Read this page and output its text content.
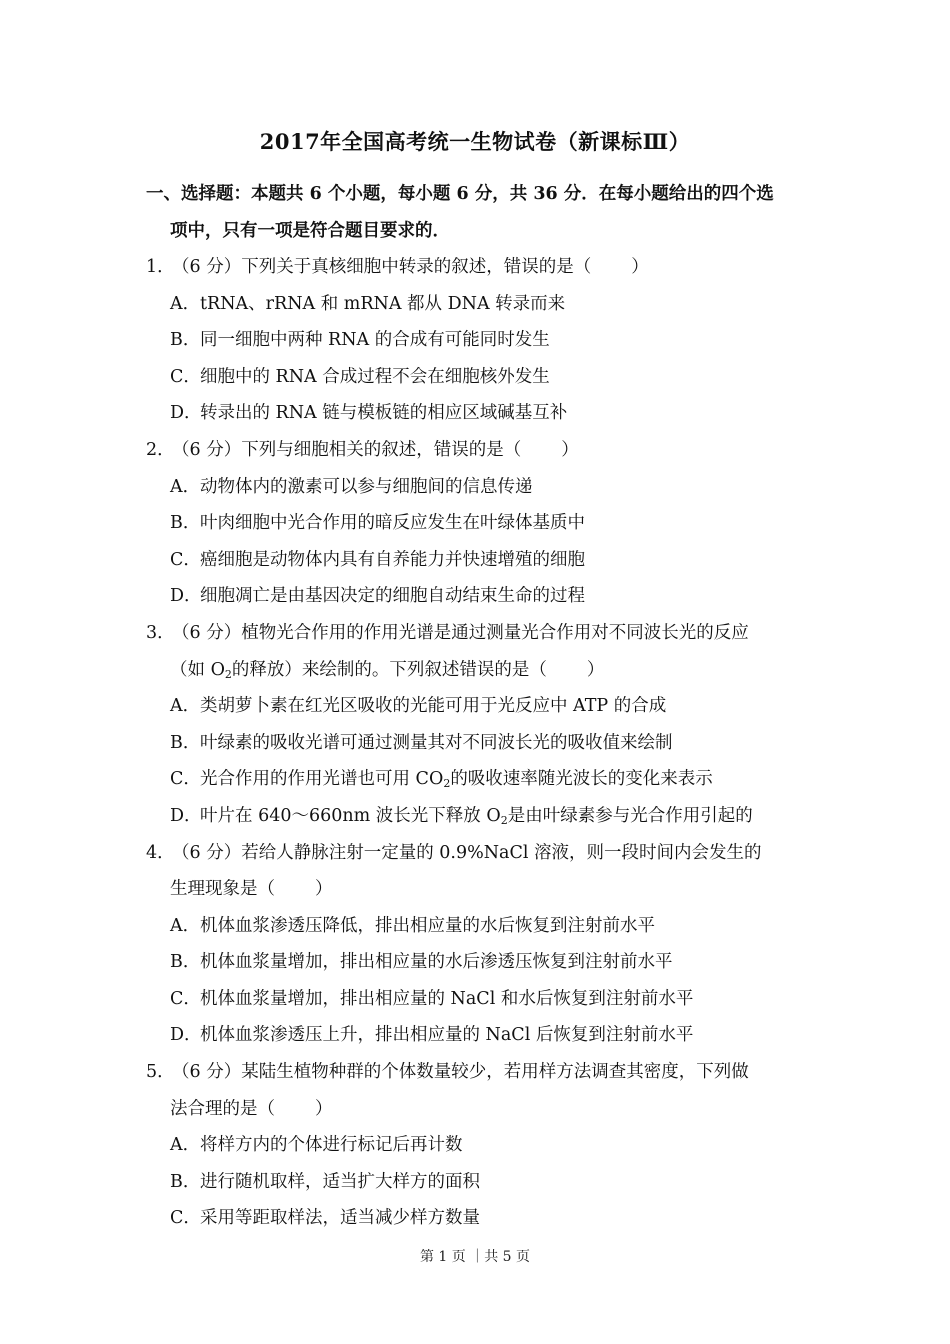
2017年全国高考统一生物试卷（新课标Ⅲ）
一、选择题：本题共 6 个小题，每小题 6 分，共 36 分．在每小题给出的四个选
项中，只有一项是符合题目要求的．
1．（6 分）下列关于真核细胞中转录的叙述，错误的是（ ）
A．tRNA、rRNA 和 mRNA 都从 DNA 转录而来
B．同一细胞中两种 RNA 的合成有可能同时发生
C．细胞中的 RNA 合成过程不会在细胞核外发生
D．转录出的 RNA 链与模板链的相应区域碱基互补
2．（6 分）下列与细胞相关的叙述，错误的是（ ）
A．动物体内的激素可以参与细胞间的信息传递
B．叶肉细胞中光合作用的暗反应发生在叶绿体基质中
C．癌细胞是动物体内具有自养能力并快速增殖的细胞
D．细胞凋亡是由基因决定的细胞自动结束生命的过程
3．（6 分）植物光合作用的作用光谱是通过测量光合作用对不同波长光的反应
（如 $O_2$的释放）来绘制的。下列叙述错误的是（ ）
A．类胡萝卜素在红光区吸收的光能可用于光反应中 ATP 的合成
B．叶绿素的吸收光谱可通过测量其对不同波长光的吸收值来绘制
C．光合作用的作用光谱也可用 $CO_2$的吸收速率随光波长的变化来表示
D．叶片在 640～660nm 波长光下释放 $O_2$是由叶绿素参与光合作用引起的
4．（6 分）若给人静脉注射一定量的 0.9%NaCl 溶液，则一段时间内会发生的
生理现象是（ ）
A．机体血浆渗透压降低，排出相应量的水后恢复到注射前水平
B．机体血浆量增加，排出相应量的水后渗透压恢复到注射前水平
C．机体血浆量增加，排出相应量的 NaCl 和水后恢复到注射前水平
D．机体血浆渗透压上升，排出相应量的 NaCl 后恢复到注射前水平
5．（6 分）某陆生植物种群的个体数量较少，若用样方法调查其密度，下列做
法合理的是（ ）
A．将样方内的个体进行标记后再计数
B．进行随机取样，适当扩大样方的面积
C．采用等距取样法，适当减少样方数量
第 1 页 ｜共 5 页
